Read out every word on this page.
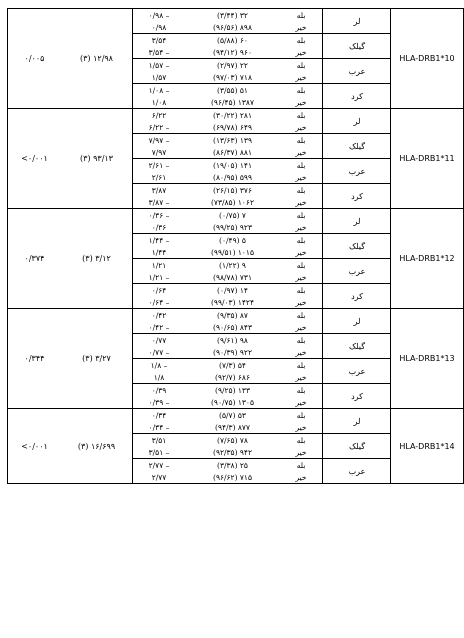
۰/۰۰۵	(۳) ۱۲/۹۸	
۰/۹۸ –	۳۲ (۳/۴۴)	بله	لر
۰/۹۸	۸۹۸ (۹۶/۵۶)	خیر
۳/۵۴	۶۰ (۵/۸۸)	بله	گیلک
۳/۵۴ –	۹۶۰ (۹۴/۱۲)	خیر
۱/۵۷ –	۲۲ (۲/۹۷)	بله	عرب
۱/۵۷	۷۱۸ (۹۷/۰۳)	خیر
۱/۰۸ –	۵۱ (۳/۵۵)	بله	کرد
۱/۰۸	۱۳۸۷ (۹۶/۴۵)	خیر
	HLA-DRB1*10
<۰/۰۰۱	(۳) ۹۳/۱۳	
۶/۲۲	۲۸۱ (۳۰/۲۲)	بله	لر
۶/۲۲ –	۶۴۹ (۶۹/۷۸)	خیر
۷/۹۷ –	۱۳۹ (۱۳/۶۳)	بله	گیلک
۷/۹۷	۸۸۱ (۸۶/۳۷)	خیر
۲/۶۱ –	۱۴۱ (۱۹/۰۵)	بله	عرب
۲/۶۱	۵۹۹ (۸۰/۹۵)	خیر
۳/۸۷	۳۷۶ (۲۶/۱۵)	بله	کرد
۳/۸۷ –	۱۰۶۲ (۷۳/۸۵)	خیر
	HLA-DRB1*11
۰/۳۷۴	(۳) ۳/۱۲	
۰/۳۶ –	۷ (۰/۷۵)	بله	لر
۰/۳۶	۹۲۳ (۹۹/۲۵)	خیر
۱/۴۴ –	۵ (۰/۴۹)	بله	گیلک
۱/۴۴	۱۰۱۵ (۹۹/۵۱)	خیر
۱/۲۱	۹ (۱/۲۲)	بله	عرب
۱/۲۱ –	۷۳۱ (۹۸/۷۸)	خیر
۰/۶۴	۱۴ (۰/۹۷)	بله	کرد
۰/۶۴ –	۱۴۲۴ (۹۹/۰۳)	خیر
	HLA-DRB1*12
۰/۳۴۴	(۳) ۳/۲۷	
۰/۴۲	۸۷ (۹/۳۵)	بله	لر
۰/۴۲ –	۸۴۳ (۹۰/۶۵)	خیر
۰/۷۷	۹۸ (۹/۶۱)	بله	گیلک
۰/۷۷ –	۹۲۲ (۹۰/۳۹)	خیر
۱/۸ –	۵۴ (۷/۳)	بله	عرب
۱/۸	۶۸۶ (۹۲/۷)	خیر
۰/۳۹	۱۳۳ (۹/۲۵)	بله	کرد
۰/۳۹ –	۱۳۰۵ (۹۰/۷۵)	خیر
	HLA-DRB1*13
<۰/۰۰۱	(۳) ۱۶/۶۹۹	
۰/۳۴	۵۳ (۵/۷)	بله	لر
۰/۳۴ –	۸۷۷ (۹۴/۳)	خیر
۳/۵۱	۷۸ (۷/۶۵)	بله	گیلک
۳/۵۱ –	۹۴۲ (۹۲/۳۵)	خیر
۲/۷۷ –	۲۵ (۳/۳۸)	بله	عرب
۲/۷۷	۷۱۵ (۹۶/۶۲)	خیر
	HLA-DRB1*14
